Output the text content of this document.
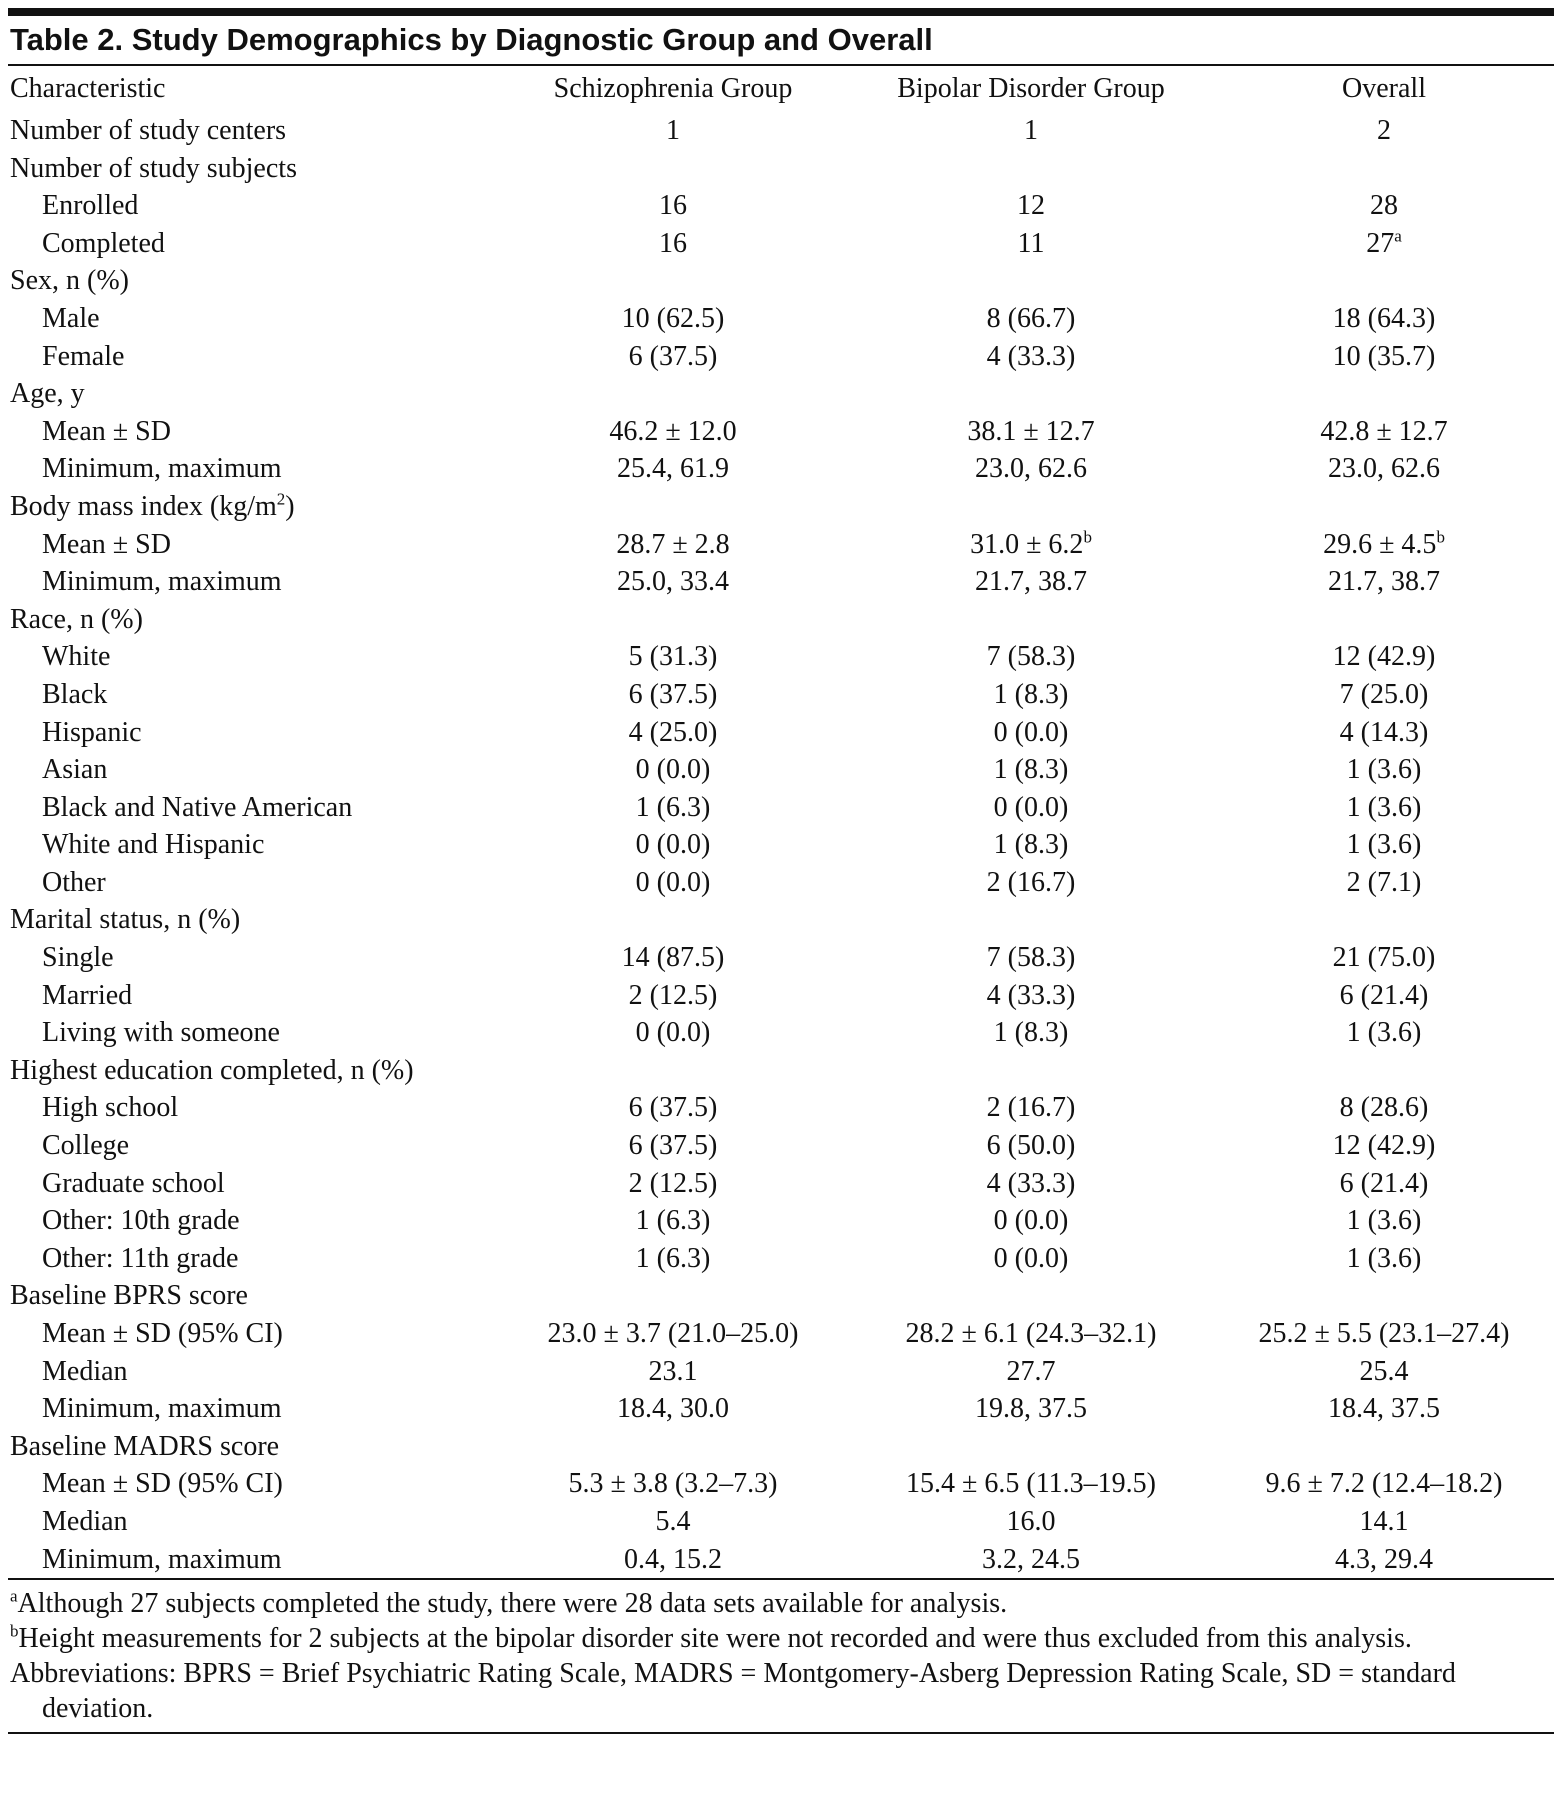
Table 2. Study Demographics by Diagnostic Group and Overall
Characteristic	Schizophrenia Group	Bipolar Disorder Group	Overall
Number of study centers	1	1	2
Number of study subjects			
Enrolled	16	12	28
Completed	16	11	27$^a$
Sex, n (%)			
Male	10 (62.5)	8 (66.7)	18 (64.3)
Female	6 (37.5)	4 (33.3)	10 (35.7)
Age, y			
Mean ± SD	46.2 ± 12.0	38.1 ± 12.7	42.8 ± 12.7
Minimum, maximum	25.4, 61.9	23.0, 62.6	23.0, 62.6
Body mass index $(kg/m^2)$			
Mean ± SD	28.7 ± 2.8	31.0 ± 6.2$^b$	29.6 ± 4.5$^b$
Minimum, maximum	25.0, 33.4	21.7, 38.7	21.7, 38.7
Race, n (%)			
White	5 (31.3)	7 (58.3)	12 (42.9)
Black	6 (37.5)	1 (8.3)	7 (25.0)
Hispanic	4 (25.0)	0 (0.0)	4 (14.3)
Asian	0 (0.0)	1 (8.3)	1 (3.6)
Black and Native American	1 (6.3)	0 (0.0)	1 (3.6)
White and Hispanic	0 (0.0)	1 (8.3)	1 (3.6)
Other	0 (0.0)	2 (16.7)	2 (7.1)
Marital status, n (%)			
Single	14 (87.5)	7 (58.3)	21 (75.0)
Married	2 (12.5)	4 (33.3)	6 (21.4)
Living with someone	0 (0.0)	1 (8.3)	1 (3.6)
Highest education completed, n (%)			
High school	6 (37.5)	2 (16.7)	8 (28.6)
College	6 (37.5)	6 (50.0)	12 (42.9)
Graduate school	2 (12.5)	4 (33.3)	6 (21.4)
Other: 10th grade	1 (6.3)	0 (0.0)	1 (3.6)
Other: 11th grade	1 (6.3)	0 (0.0)	1 (3.6)
Baseline BPRS score			
Mean ± SD (95% CI)	23.0 ± 3.7 (21.0–25.0)	28.2 ± 6.1 (24.3–32.1)	25.2 ± 5.5 (23.1–27.4)
Median	23.1	27.7	25.4
Minimum, maximum	18.4, 30.0	19.8, 37.5	18.4, 37.5
Baseline MADRS score			
Mean ± SD (95% CI)	5.3 ± 3.8 (3.2–7.3)	15.4 ± 6.5 (11.3–19.5)	9.6 ± 7.2 (12.4–18.2)
Median	5.4	16.0	14.1
Minimum, maximum	0.4, 15.2	3.2, 24.5	4.3, 29.4
$^a$Although 27 subjects completed the study, there were 28 data sets available for analysis.
$^b$Height measurements for 2 subjects at the bipolar disorder site were not recorded and were thus excluded from this analysis.
Abbreviations: BPRS = Brief Psychiatric Rating Scale, MADRS = Montgomery-Asberg Depression Rating Scale, SD = standard deviation.
